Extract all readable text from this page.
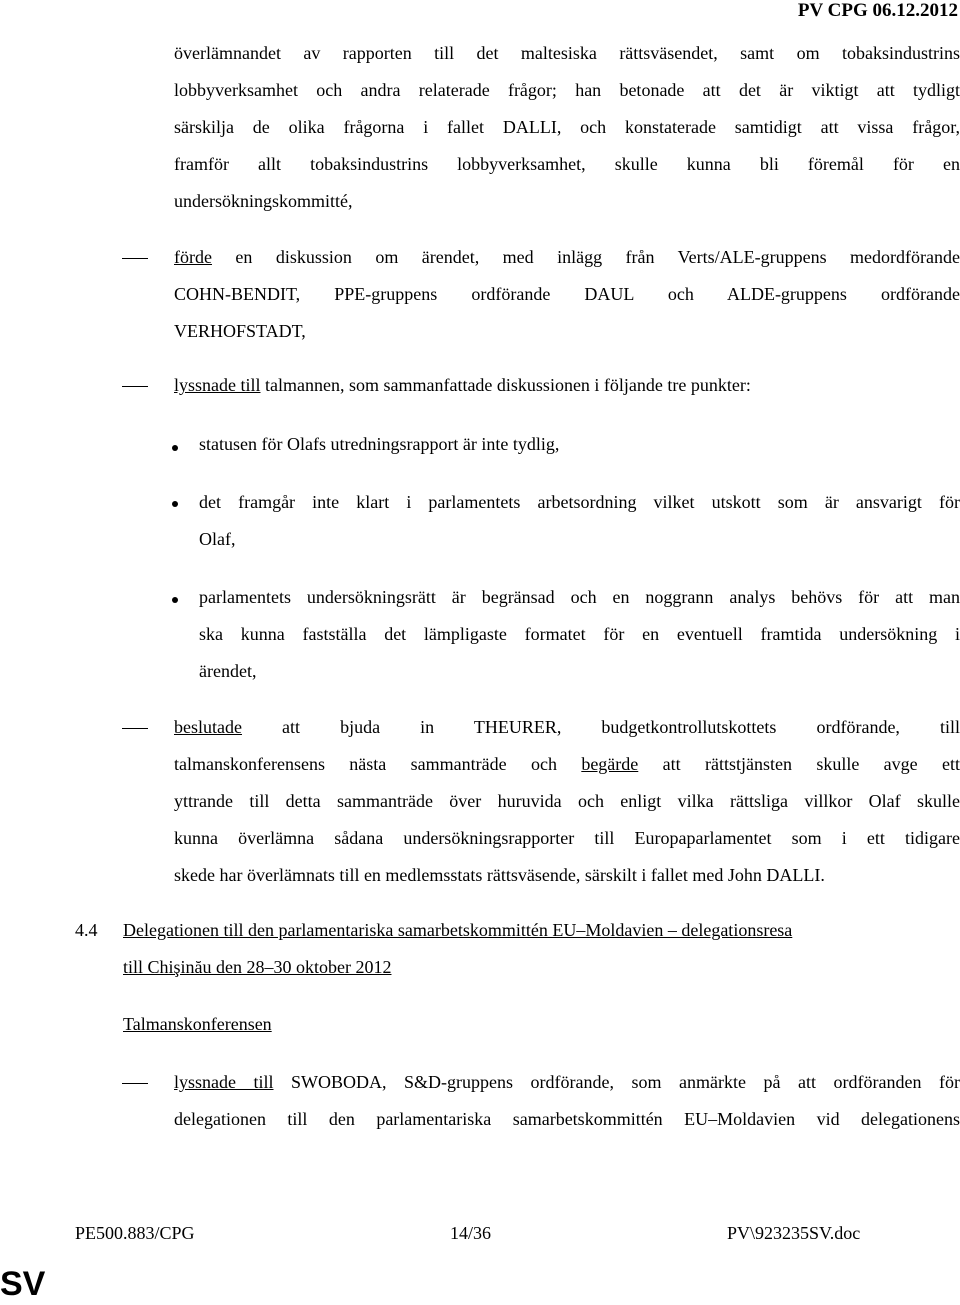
PV CPG 06.12.2012
överlämnandet av rapporten till det maltesiska rättsväsendet, samt om tobaksindustrins
lobbyverksamhet och andra relaterade frågor; han betonade att det är viktigt att tydligt
särskilja de olika frågorna i fallet DALLI, och konstaterade samtidigt att vissa frågor,
framför allt tobaksindustrins lobbyverksamhet, skulle kunna bli föremål för en
undersökningskommitté,
förde en diskussion om ärendet, med inlägg från Verts/ALE-gruppens medordförande
COHN-BENDIT, PPE-gruppens ordförande DAUL och ALDE-gruppens ordförande
VERHOFSTADT,
lyssnade till talmannen, som sammanfattade diskussionen i följande tre punkter:
statusen för Olafs utredningsrapport är inte tydlig,
det framgår inte klart i parlamentets arbetsordning vilket utskott som är ansvarigt för
Olaf,
parlamentets undersökningsrätt är begränsad och en noggrann analys behövs för att man
ska kunna fastställa det lämpligaste formatet för en eventuell framtida undersökning i
ärendet,
beslutade att bjuda in THEURER, budgetkontrollutskottets ordförande, till
talmanskonferensens nästa sammanträde och begärde att rättstjänsten skulle avge ett
yttrande till detta sammanträde över huruvida och enligt vilka rättsliga villkor Olaf skulle
kunna överlämna sådana undersökningsrapporter till Europaparlamentet som i ett tidigare
skede har överlämnats till en medlemsstats rättsväsende, särskilt i fallet med John DALLI.
4.4 Delegationen till den parlamentariska samarbetskommittén EU–Moldavien – delegationsresa
till Chişinău den 28–30 oktober 2012
Talmanskonferensen
lyssnade till SWOBODA, S&D-gruppens ordförande, som anmärkte på att ordföranden för
delegationen till den parlamentariska samarbetskommittén EU–Moldavien vid delegationens
PE500.883/CPG	14/36	PV\923235SV.doc
SV
